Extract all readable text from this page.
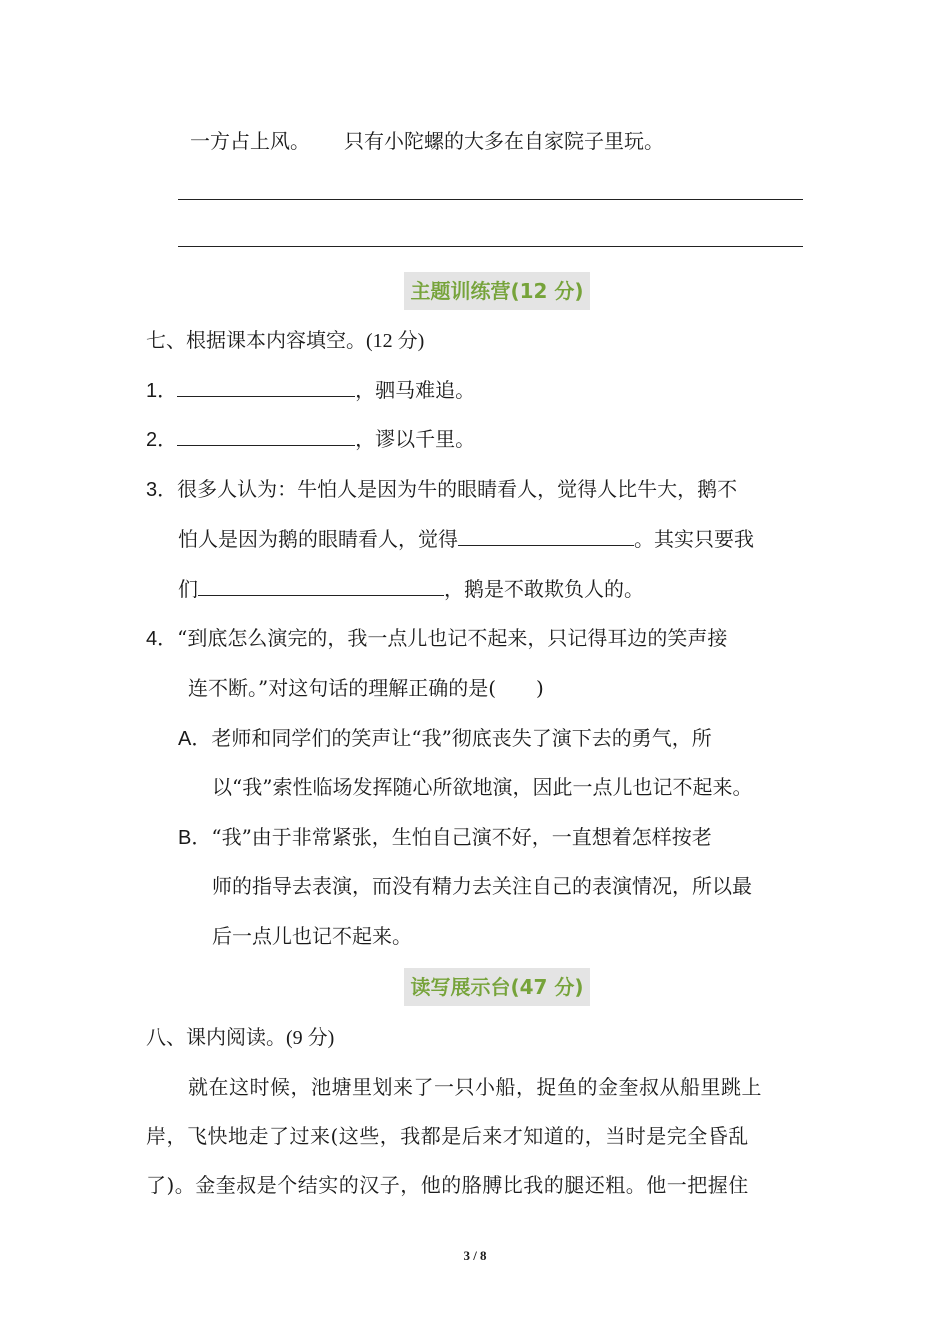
一方占上风。 只有小陀螺的大多在自家院子里玩。
主题训练营(12 分)
七、根据课本内容填空。(12 分)
1．	，驷马难追。
2．	，谬以千里。
3．很多人认为：牛怕人是因为牛的眼睛看人，觉得人比牛大，鹅不
怕人是因为鹅的眼睛看人，觉得	。其实只要我
们	，鹅是不敢欺负人的。
4．“到底怎么演完的，我一点儿也记不起来，只记得耳边的笑声接
连不断。”对这句话的理解正确的是(　　)
A．老师和同学们的笑声让“我”彻底丧失了演下去的勇气，所
以“我”索性临场发挥随心所欲地演，因此一点儿也记不起来。
B．“我”由于非常紧张，生怕自己演不好，一直想着怎样按老
师的指导去表演，而没有精力去关注自己的表演情况，所以最
后一点儿也记不起来。
读写展示台(47 分)
八、课内阅读。(9 分)
就在这时候，池塘里划来了一只小船，捉鱼的金奎叔从船里跳上
岸，飞快地走了过来(这些，我都是后来才知道的，当时是完全昏乱
了)。金奎叔是个结实的汉子，他的胳膊比我的腿还粗。他一把握住
3 / 8
